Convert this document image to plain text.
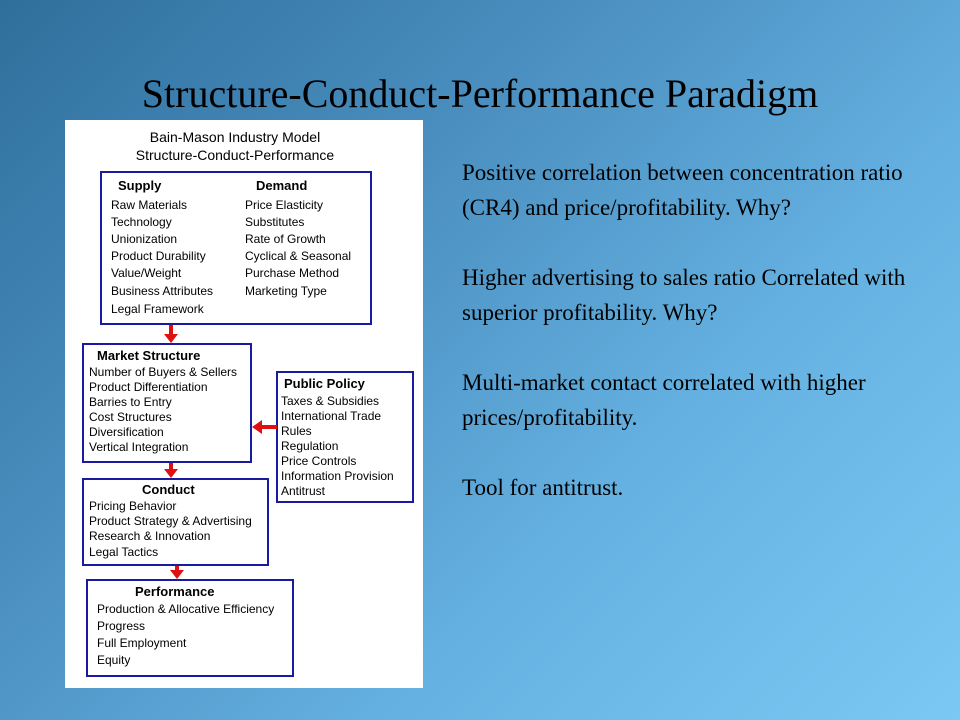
Structure-Conduct-Performance Paradigm
Bain-Mason Industry Model
Structure-Conduct-Performance
Supply
Raw Materials
Technology
Unionization
Product Durability
Value/Weight
Business Attributes
Legal Framework
Demand
Price Elasticity
Substitutes
Rate of Growth
Cyclical & Seasonal
Purchase Method
Marketing Type
Market Structure
Number of Buyers & Sellers
Product Differentiation
Barries to Entry
Cost Structures
Diversification
Vertical Integration
Public Policy
Taxes & Subsidies
International Trade
Rules
Regulation
Price Controls
Information Provision
Antitrust
Conduct
Pricing Behavior
Product Strategy & Advertising
Research & Innovation
Legal Tactics
Performance
Production & Allocative Efficiency
Progress
Full Employment
Equity

Positive correlation between concentration ratio (CR4) and price/profitability. Why?

Higher advertising to sales ratio Correlated with superior profitability. Why?

Multi-market contact correlated with higher prices/profitability.

Tool for antitrust.
